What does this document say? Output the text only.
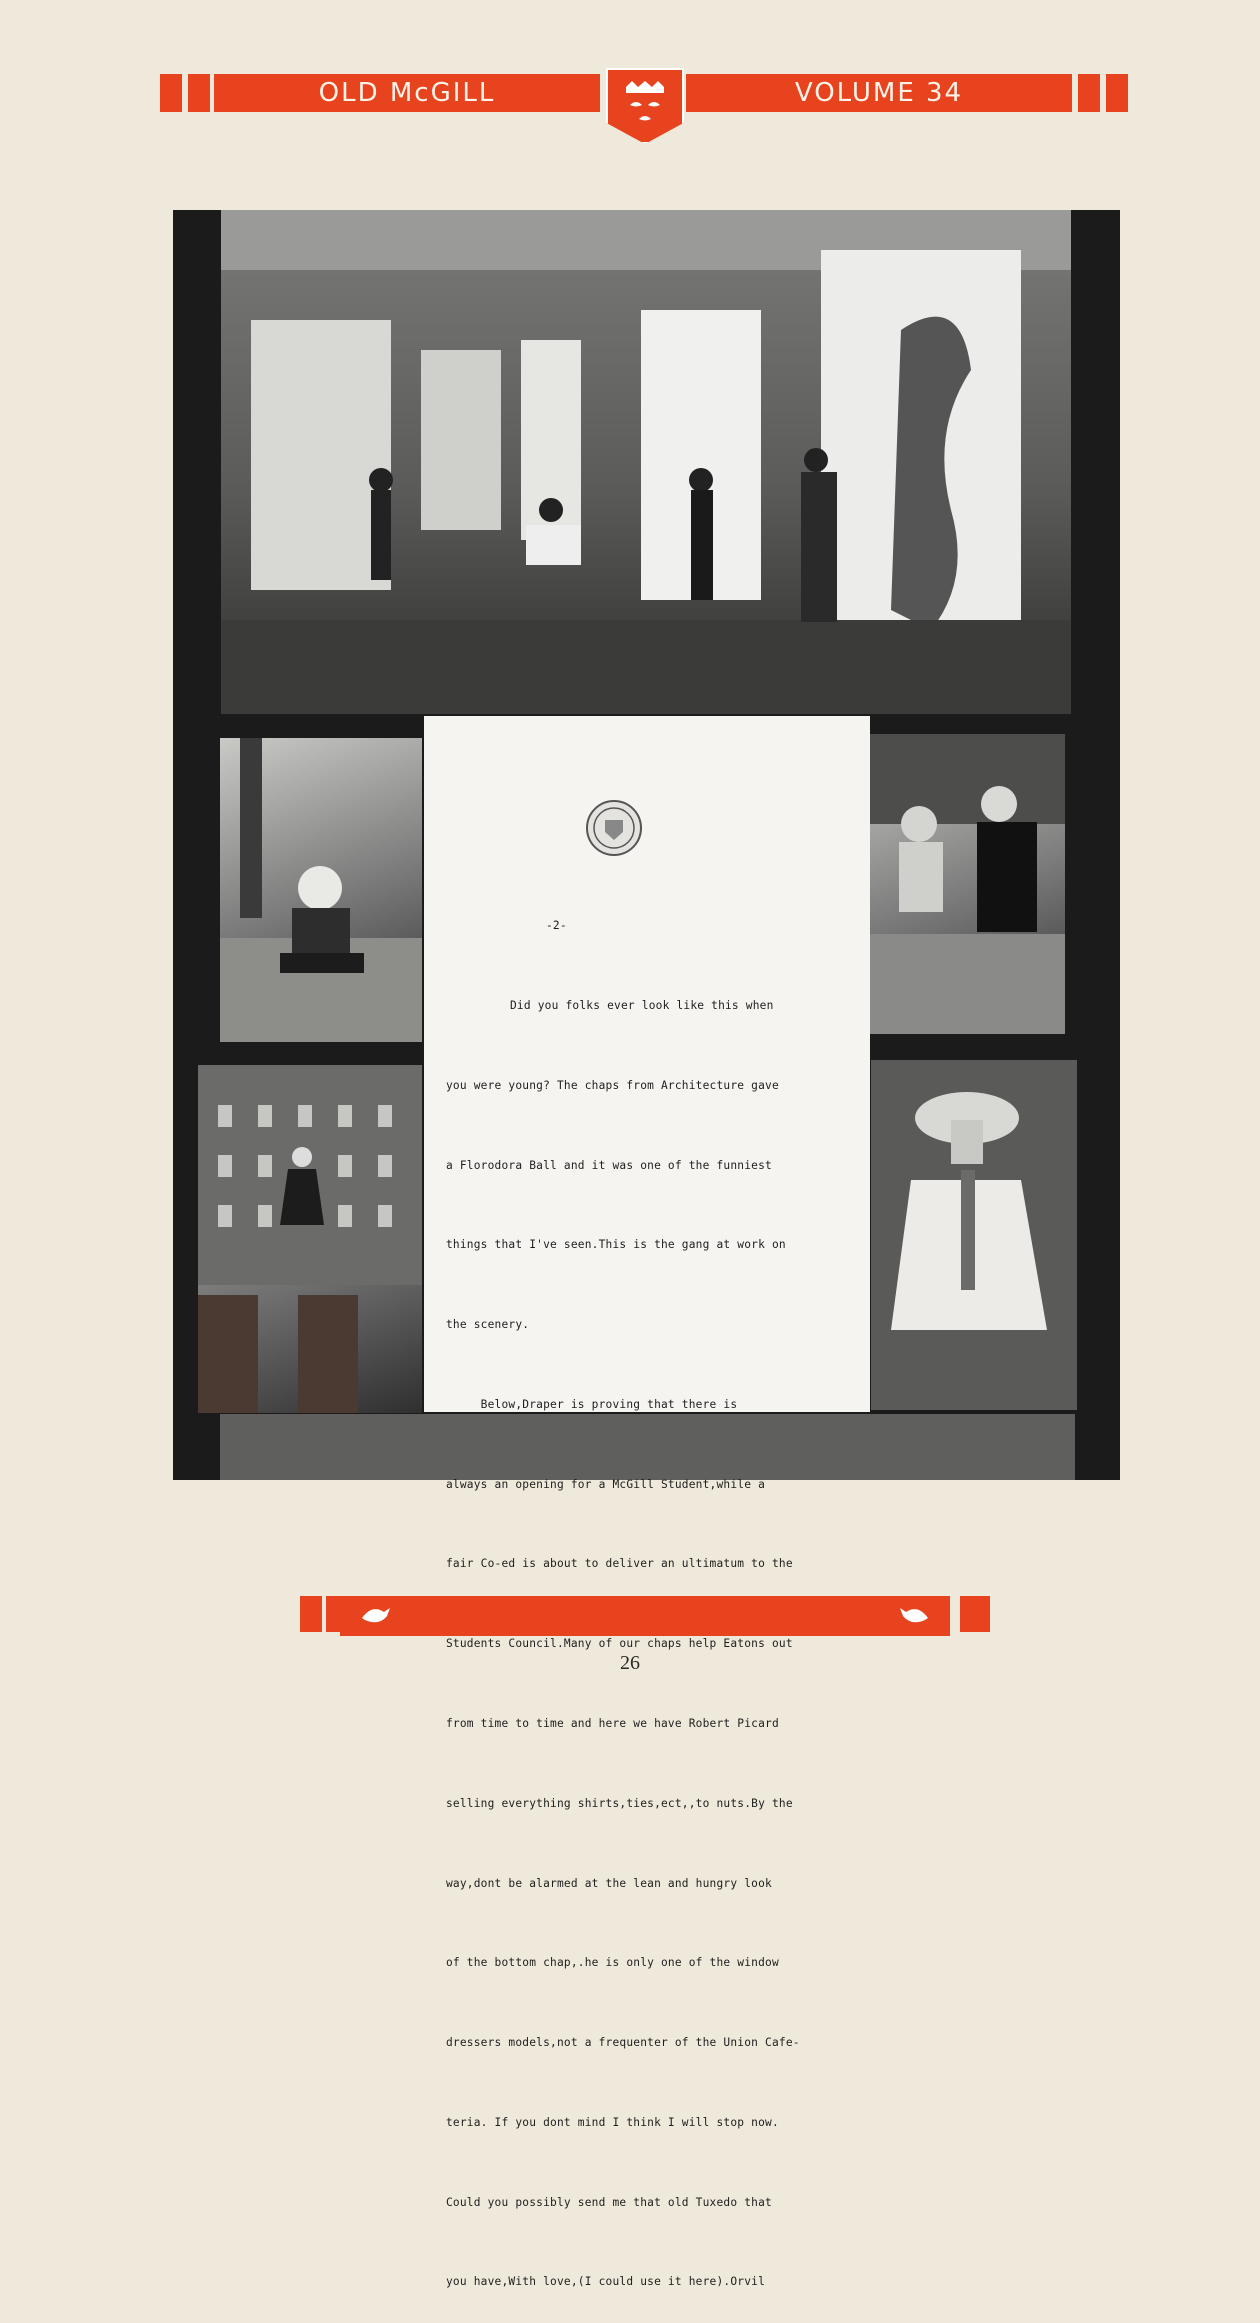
OLD McGILL	VOLUME 34

-2-

Did you folks ever look like this when

you were young? The chaps from Architecture gave

a Florodora Ball and it was one of the funniest

things that I've seen.This is the gang at work on

the scenery.

Below,Draper is proving that there is

always an opening for a McGill Student,while a

fair Co-ed is about to deliver an ultimatum to the

Students Council.Many of our chaps help Eatons out

from time to time and here we have Robert Picard

selling everything shirts,ties,ect,,to nuts.By the

way,dont be alarmed at the lean and hungry look

of the bottom chap,.he is only one of the window

dressers models,not a frequenter of the Union Cafe-

teria. If you dont mind I think I will stop now.

Could you possibly send me that old Tuxedo that

you have,With love,(I could use it here).Orvil

26
